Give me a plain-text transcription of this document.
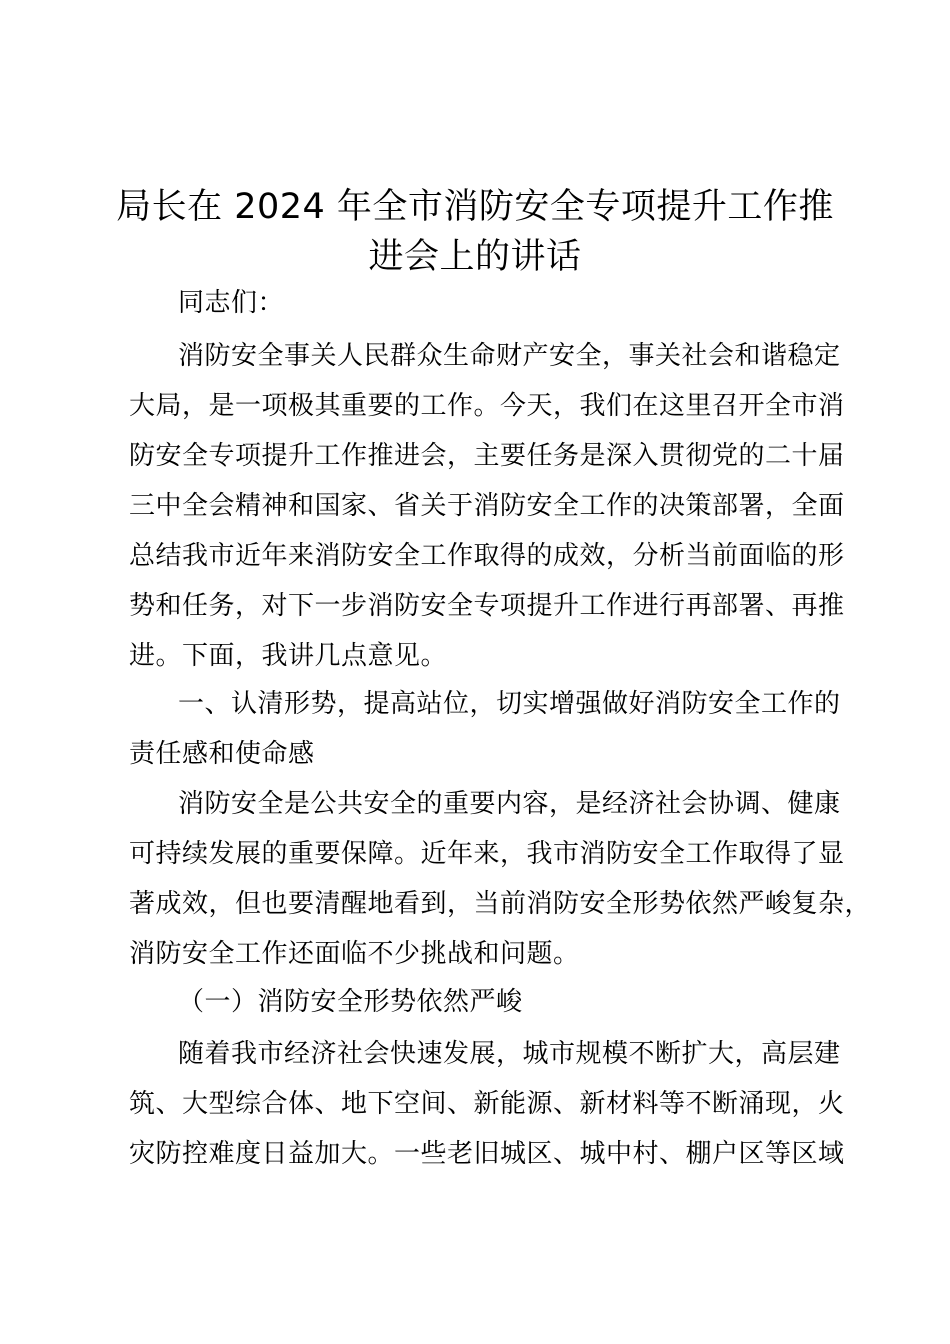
局长在 2024 年全市消防安全专项提升工作推
进会上的讲话
同志们：
消防安全事关人民群众生命财产安全，事关社会和谐稳定
大局，是一项极其重要的工作。今天，我们在这里召开全市消
防安全专项提升工作推进会，主要任务是深入贯彻党的二十届
三中全会精神和国家、省关于消防安全工作的决策部署，全面
总结我市近年来消防安全工作取得的成效，分析当前面临的形
势和任务，对下一步消防安全专项提升工作进行再部署、再推
进。下面，我讲几点意见。
一、认清形势，提高站位，切实增强做好消防安全工作的
责任感和使命感
消防安全是公共安全的重要内容，是经济社会协调、健康
可持续发展的重要保障。近年来，我市消防安全工作取得了显
著成效，但也要清醒地看到，当前消防安全形势依然严峻复杂，
消防安全工作还面临不少挑战和问题。
（一）消防安全形势依然严峻
随着我市经济社会快速发展，城市规模不断扩大，高层建
筑、大型综合体、地下空间、新能源、新材料等不断涌现，火
灾防控难度日益加大。一些老旧城区、城中村、棚户区等区域
